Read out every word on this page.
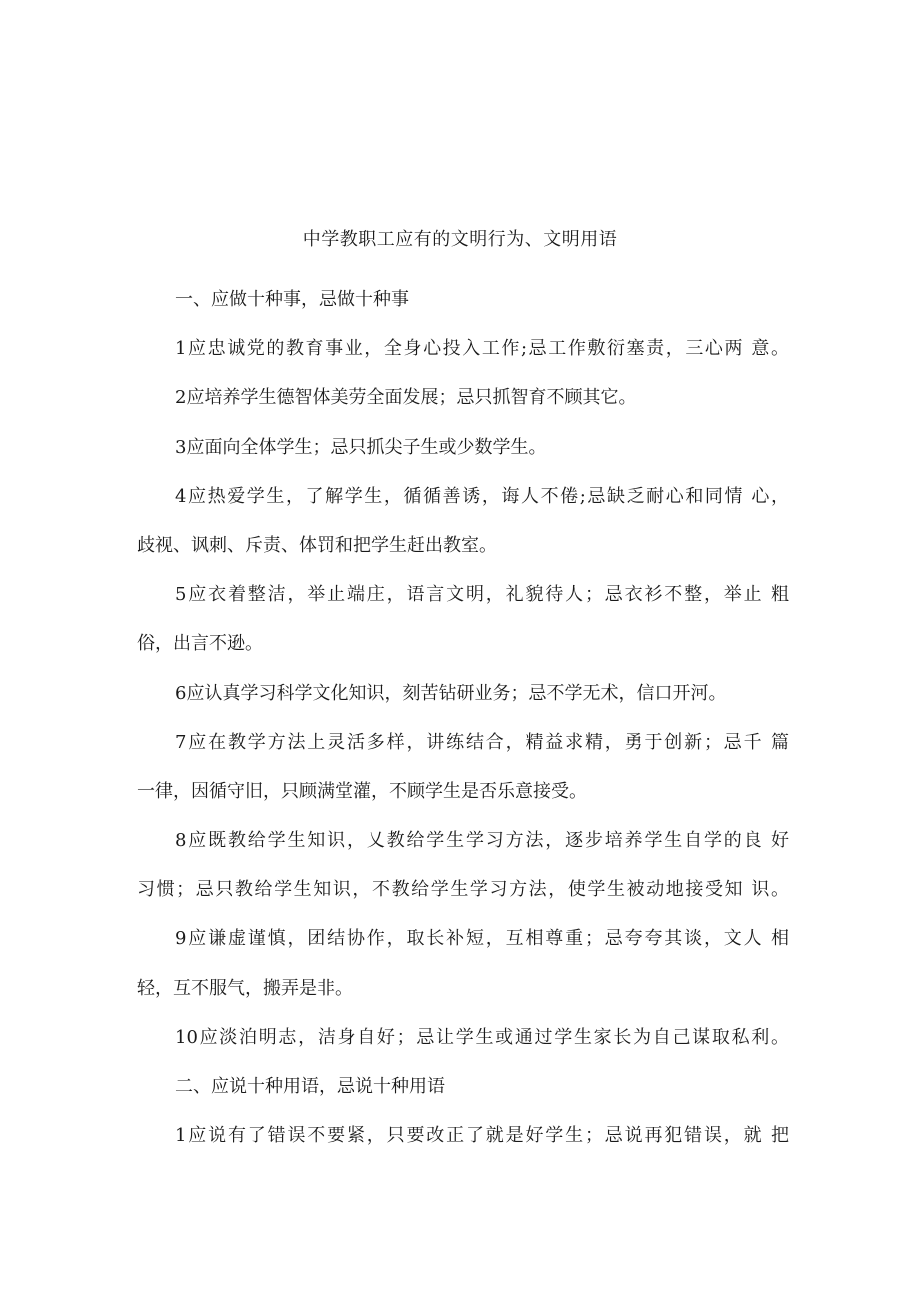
中学教职工应有的文明行为、文明用语
一、应做十种事，忌做十种事
1应忠诚党的教育事业，全身心投入工作;忌工作敷衍塞责，三心两 意。
2应培养学生德智体美劳全面发展；忌只抓智育不顾其它。
3应面向全体学生；忌只抓尖子生或少数学生。
4应热爱学生，了解学生，循循善诱，诲人不倦;忌缺乏耐心和同情 心，
歧视、讽刺、斥责、体罚和把学生赶出教室。
5应衣着整洁，举止端庄，语言文明，礼貌待人；忌衣衫不整，举止 粗
俗，出言不逊。
6应认真学习科学文化知识，刻苦钻研业务；忌不学无术，信口开河。
7应在教学方法上灵活多样，讲练结合，精益求精，勇于创新；忌千 篇
一律，因循守旧，只顾满堂灌，不顾学生是否乐意接受。
8应既教给学生知识，乂教给学生学习方法，逐步培养学生自学的良 好
习惯；忌只教给学生知识，不教给学生学习方法，使学生被动地接受知 识。
9应谦虚谨慎，团结协作，取长补短，互相尊重；忌夸夸其谈，文人 相
轻，互不服气，搬弄是非。
10应淡泊明志，洁身自好；忌让学生或通过学生家长为自己谋取私利。
二、应说十种用语，忌说十种用语
1应说有了错误不要紧，只要改正了就是好学生；忌说再犯错误，就 把
